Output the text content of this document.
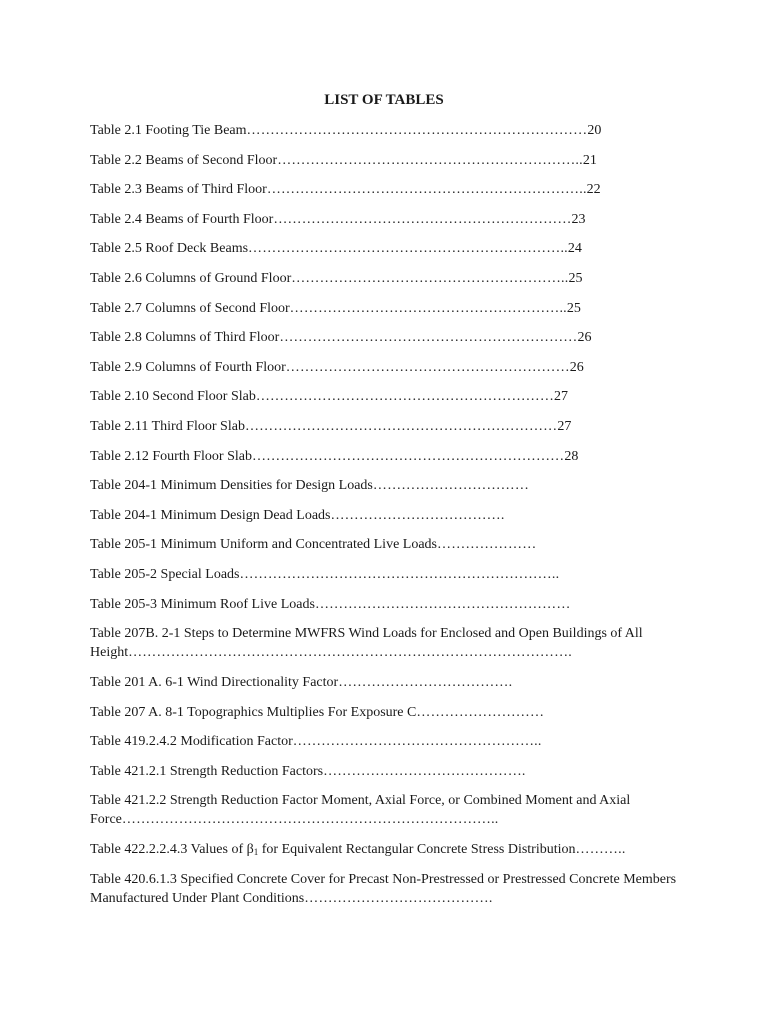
LIST OF TABLES
Table 2.1 Footing Tie Beam………………………………………………………………20
Table 2.2 Beams of Second Floor………………………………………………………..21
Table 2.3 Beams of Third Floor…………………………………………………………..22
Table 2.4 Beams of Fourth Floor………………………………………………………23
Table 2.5 Roof Deck Beams…………………………………………………………..24
Table 2.6 Columns of Ground Floor…………………………………………………..25
Table 2.7 Columns of Second Floor…………………………………………………..25
Table 2.8 Columns of Third Floor………………………………………………………26
Table 2.9 Columns of Fourth Floor……………………………………………………26
Table 2.10 Second Floor Slab………………………………………………………27
Table 2.11 Third Floor Slab…………………………………………………………27
Table 2.12 Fourth Floor Slab…………………………………………………………28
Table 204-1 Minimum Densities for Design Loads……………………………
Table 204-1 Minimum Design Dead Loads……………………………….
Table 205-1 Minimum Uniform and Concentrated Live Loads…………………
Table 205-2 Special Loads…………………………………………………………..
Table 205-3 Minimum Roof Live Loads………………………………………………
Table 207B. 2-1 Steps to Determine MWFRS Wind Loads for Enclosed and Open Buildings of All Height………………………………………………………………………………….
Table 201 A. 6-1 Wind Directionality Factor……………………………….
Table 207 A. 8-1 Topographics Multiplies For Exposure C………………………
Table 419.2.4.2 Modification Factor……………………………………………..
Table 421.2.1 Strength Reduction Factors…………………………………….
Table 421.2.2 Strength Reduction Factor Moment, Axial Force, or Combined Moment and Axial Force……………………………………………………………………..
Table 422.2.2.4.3 Values of $\beta_1$ for Equivalent Rectangular Concrete Stress Distribution………..
Table 420.6.1.3 Specified Concrete Cover for Precast Non-Prestressed or Prestressed Concrete Members Manufactured Under Plant Conditions………………………………….
